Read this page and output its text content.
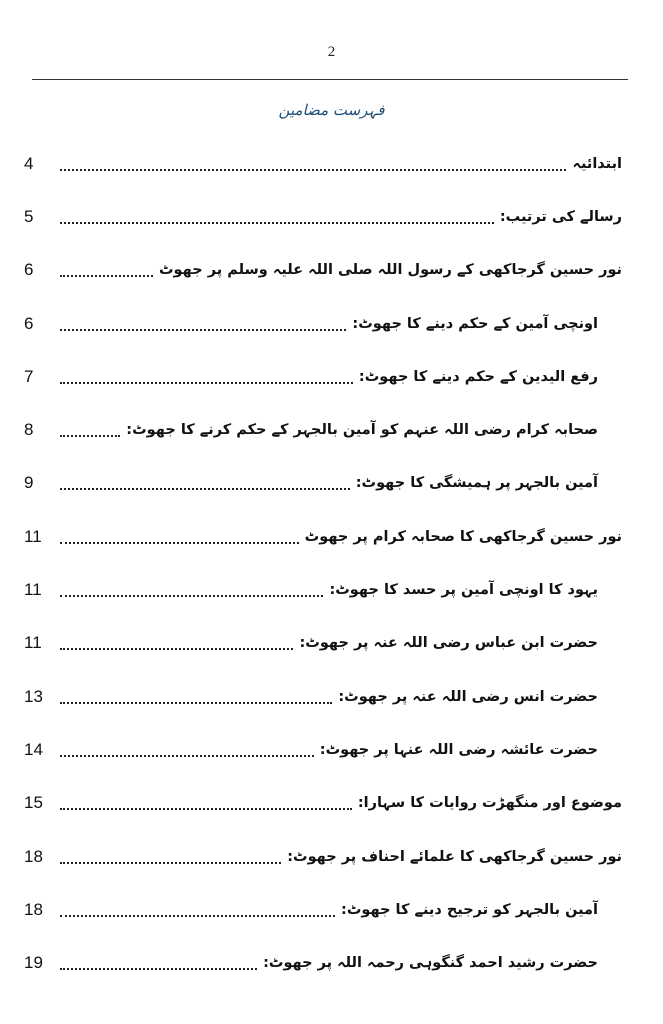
2
فہرست مضامین
ابتدائیہ
4
رسالے کی ترتیب:
5
نور حسین گرجاکھی کے رسول اللہ صلی اللہ علیہ وسلم پر جھوٹ
6
اونچی آمین کے حکم دینے کا جھوٹ:
6
رفع الیدین کے حکم دینے کا جھوٹ:
7
صحابہ کرام رضی اللہ عنہم کو آمین بالجہر کے حکم کرنے کا جھوٹ:
8
آمین بالجہر پر ہمیشگی کا جھوٹ:
9
نور حسین گرجاکھی کا صحابہ کرام پر جھوٹ
11
یہود کا اونچی آمین پر حسد کا جھوٹ:
11
حضرت ابن عباس رضی اللہ عنہ پر جھوٹ:
11
حضرت انس رضی اللہ عنہ پر جھوٹ:
13
حضرت عائشہ رضی اللہ عنہا پر جھوٹ:
14
موضوع اور منگھڑت روایات کا سہارا:
15
نور حسین گرجاکھی کا علمائے احناف پر جھوٹ:
18
آمین بالجہر کو ترجیح دینے کا جھوٹ:
18
حضرت رشید احمد گنگوہی رحمہ اللہ پر جھوٹ:
19
